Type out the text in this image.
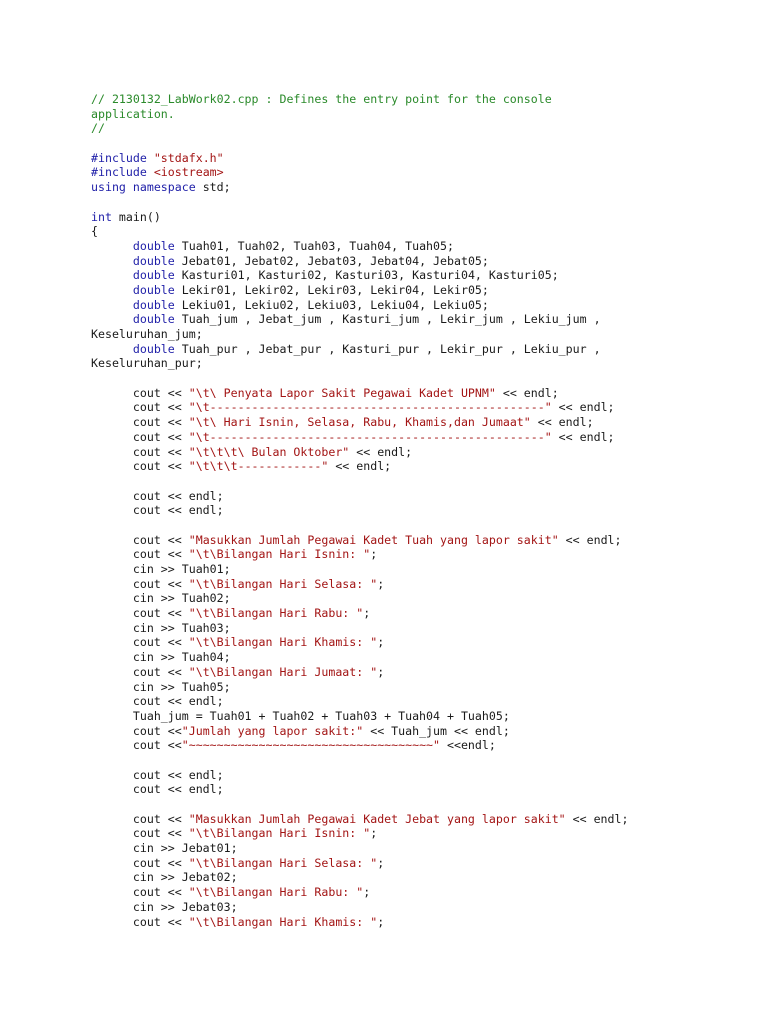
// 2130132_LabWork02.cpp : Defines the entry point for the console
application.
//

#include "stdafx.h"
#include <iostream>
using namespace std;

int main()
{
double Tuah01, Tuah02, Tuah03, Tuah04, Tuah05;
double Jebat01, Jebat02, Jebat03, Jebat04, Jebat05;
double Kasturi01, Kasturi02, Kasturi03, Kasturi04, Kasturi05;
double Lekir01, Lekir02, Lekir03, Lekir04, Lekir05;
double Lekiu01, Lekiu02, Lekiu03, Lekiu04, Lekiu05;
double Tuah_jum , Jebat_jum , Kasturi_jum , Lekir_jum , Lekiu_jum ,
Keseluruhan_jum;
double Tuah_pur , Jebat_pur , Kasturi_pur , Lekir_pur , Lekiu_pur ,
Keseluruhan_pur;

cout << "\t\ Penyata Lapor Sakit Pegawai Kadet UPNM" << endl;
cout << "\t------------------------------------------------" << endl;
cout << "\t\ Hari Isnin, Selasa, Rabu, Khamis,dan Jumaat" << endl;
cout << "\t------------------------------------------------" << endl;
cout << "\t\t\t\ Bulan Oktober" << endl;
cout << "\t\t\t------------" << endl;

cout << endl;
cout << endl;

cout << "Masukkan Jumlah Pegawai Kadet Tuah yang lapor sakit" << endl;
cout << "\t\Bilangan Hari Isnin: ";
cin >> Tuah01;
cout << "\t\Bilangan Hari Selasa: ";
cin >> Tuah02;
cout << "\t\Bilangan Hari Rabu: ";
cin >> Tuah03;
cout << "\t\Bilangan Hari Khamis: ";
cin >> Tuah04;
cout << "\t\Bilangan Hari Jumaat: ";
cin >> Tuah05;
cout << endl;
Tuah_jum = Tuah01 + Tuah02 + Tuah03 + Tuah04 + Tuah05;
cout <<"Jumlah yang lapor sakit:" << Tuah_jum << endl;
cout <<"~~~~~~~~~~~~~~~~~~~~~~~~~~~~~~~~~~~" <<endl;

cout << endl;
cout << endl;

cout << "Masukkan Jumlah Pegawai Kadet Jebat yang lapor sakit" << endl;
cout << "\t\Bilangan Hari Isnin: ";
cin >> Jebat01;
cout << "\t\Bilangan Hari Selasa: ";
cin >> Jebat02;
cout << "\t\Bilangan Hari Rabu: ";
cin >> Jebat03;
cout << "\t\Bilangan Hari Khamis: ";
